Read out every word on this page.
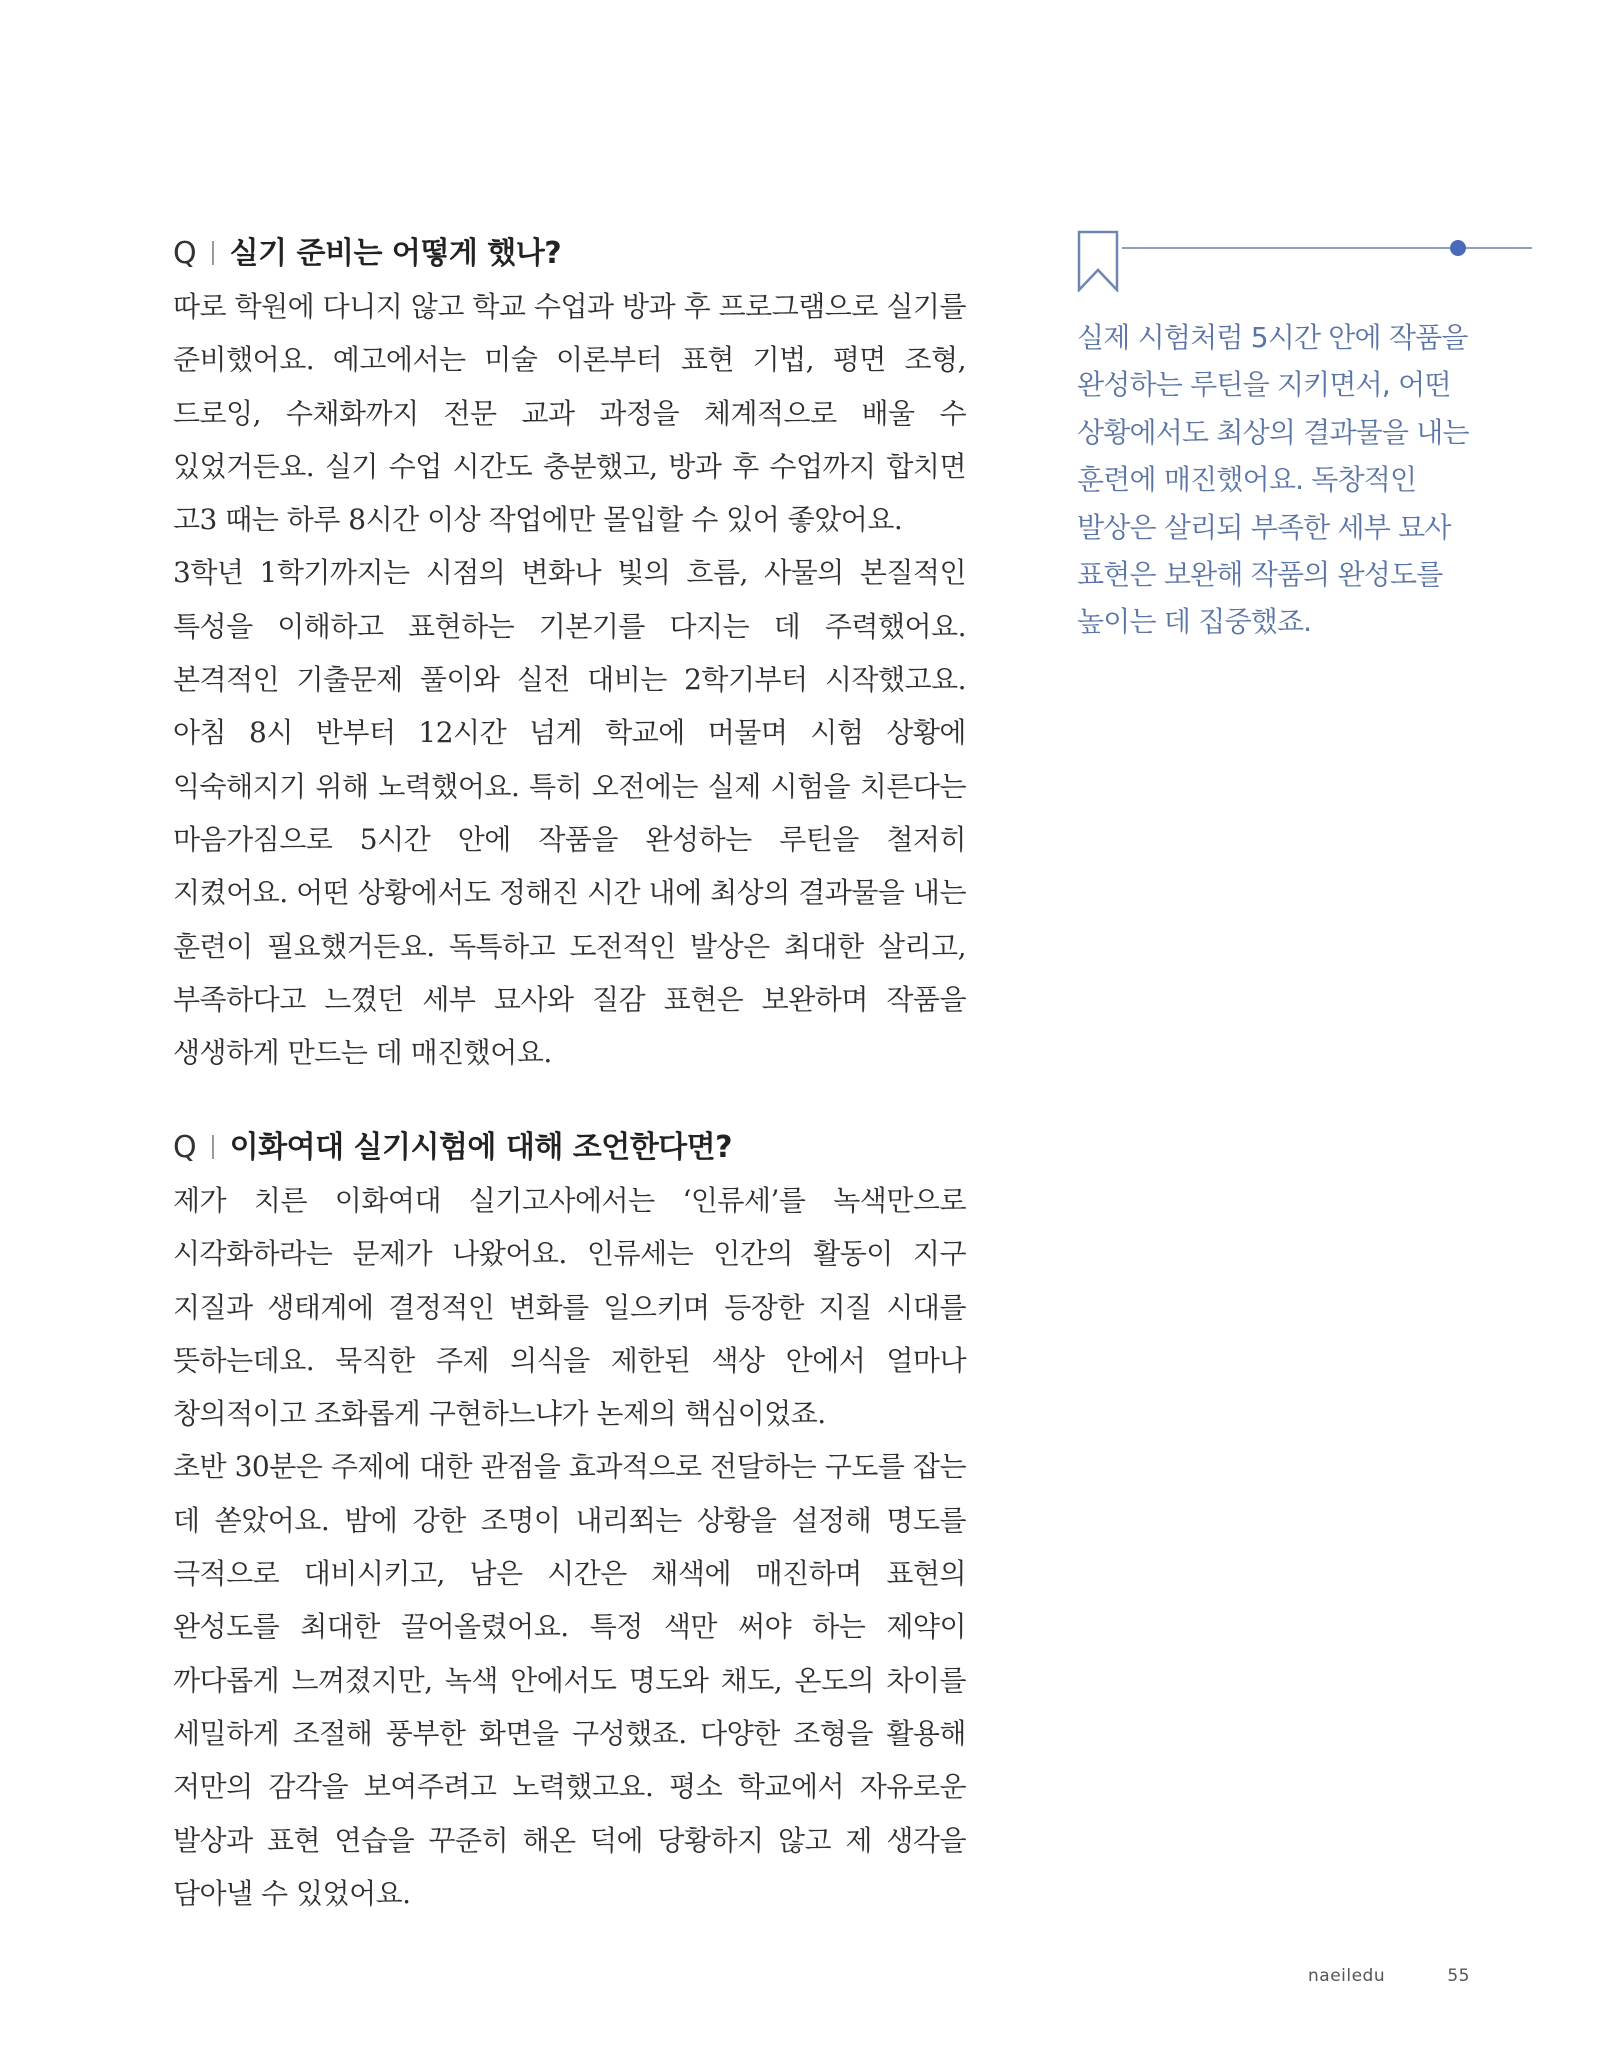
Q 실기 준비는 어떻게 했나?

따로 학원에 다니지 않고 학교 수업과 방과 후 프로그램으로 실기를 준비했어요. 예고에서는 미술 이론부터 표현 기법, 평면 조형, 드로잉, 수채화까지 전문 교과 과정을 체계적으로 배울 수 있었거든요. 실기 수업 시간도 충분했고, 방과 후 수업까지 합치면 고3 때는 하루 8시간 이상 작업에만 몰입할 수 있어 좋았어요.

3학년 1학기까지는 시점의 변화나 빛의 흐름, 사물의 본질적인 특성을 이해하고 표현하는 기본기를 다지는 데 주력했어요. 본격적인 기출문제 풀이와 실전 대비는 2학기부터 시작했고요. 아침 8시 반부터 12시간 넘게 학교에 머물며 시험 상황에 익숙해지기 위해 노력했어요. 특히 오전에는 실제 시험을 치른다는 마음가짐으로 5시간 안에 작품을 완성하는 루틴을 철저히 지켰어요. 어떤 상황에서도 정해진 시간 내에 최상의 결과물을 내는 훈련이 필요했거든요. 독특하고 도전적인 발상은 최대한 살리고, 부족하다고 느꼈던 세부 묘사와 질감 표현은 보완하며 작품을 생생하게 만드는 데 매진했어요.

Q 이화여대 실기시험에 대해 조언한다면?

제가 치른 이화여대 실기고사에서는 ‘인류세’를 녹색만으로 시각화하라는 문제가 나왔어요. 인류세는 인간의 활동이 지구 지질과 생태계에 결정적인 변화를 일으키며 등장한 지질 시대를 뜻하는데요. 묵직한 주제 의식을 제한된 색상 안에서 얼마나 창의적이고 조화롭게 구현하느냐가 논제의 핵심이었죠.

초반 30분은 주제에 대한 관점을 효과적으로 전달하는 구도를 잡는 데 쏟았어요. 밤에 강한 조명이 내리쬐는 상황을 설정해 명도를 극적으로 대비시키고, 남은 시간은 채색에 매진하며 표현의 완성도를 최대한 끌어올렸어요. 특정 색만 써야 하는 제약이 까다롭게 느껴졌지만, 녹색 안에서도 명도와 채도, 온도의 차이를 세밀하게 조절해 풍부한 화면을 구성했죠. 다양한 조형을 활용해 저만의 감각을 보여주려고 노력했고요. 평소 학교에서 자유로운 발상과 표현 연습을 꾸준히 해온 덕에 당황하지 않고 제 생각을 담아낼 수 있었어요.

실제 시험처럼 5시간 안에 작품을
완성하는 루틴을 지키면서, 어떤
상황에서도 최상의 결과물을 내는
훈련에 매진했어요. 독창적인
발상은 살리되 부족한 세부 묘사
표현은 보완해 작품의 완성도를
높이는 데 집중했죠.

naeiledu	55
